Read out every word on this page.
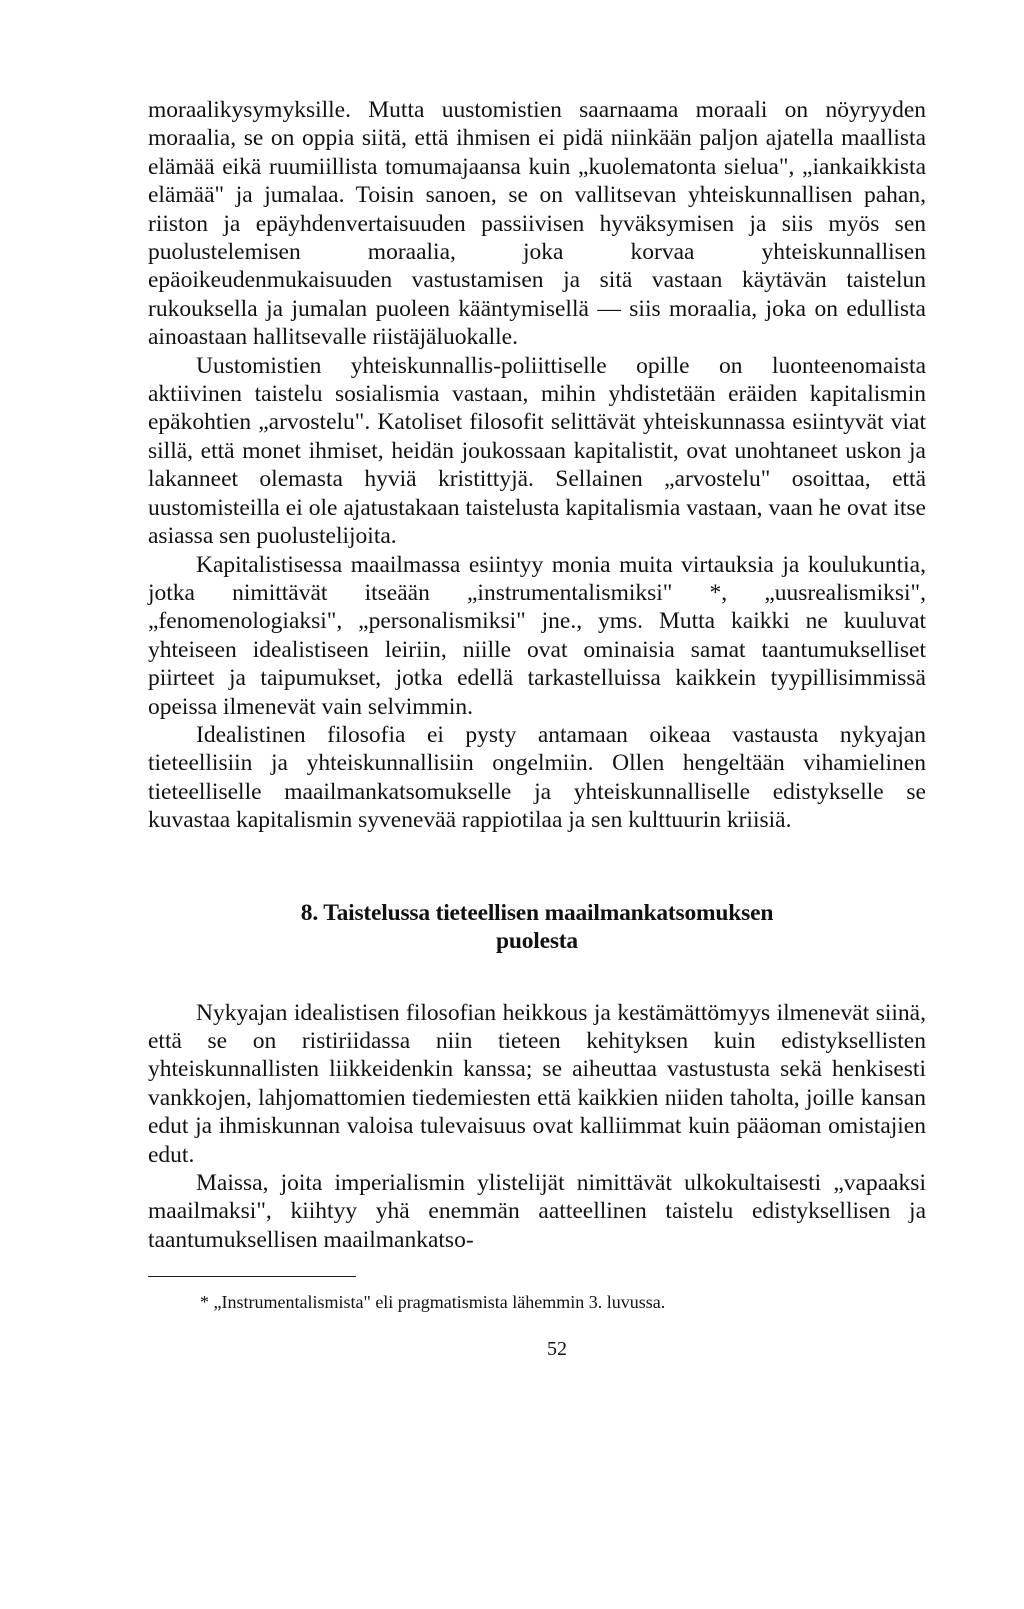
moraalikysymyksille. Mutta uustomistien saarnaama moraali on nöyryyden moraalia, se on oppia siitä, että ihmisen ei pidä niinkään paljon ajatella maallista elämää eikä ruumiillista tomumajaansa kuin „kuolematonta sielua", „iankaikkista elämää" ja jumalaa. Toisin sanoen, se on vallitsevan yhteiskunnallisen pahan, riiston ja epäyhdenvertaisuuden passiivisen hyväksymisen ja siis myös sen puolustelemisen moraalia, joka korvaa yhteiskunnallisen epäoikeudenmukaisuuden vastustamisen ja sitä vastaan käytävän taistelun rukouksella ja jumalan puoleen kääntymisellä — siis moraalia, joka on edullista ainoastaan hallitsevalle riistäjäluokalle.

Uustomistien yhteiskunnallis-poliittiselle opille on luonteenomaista aktiivinen taistelu sosialismia vastaan, mihin yhdistetään eräiden kapitalismin epäkohtien „arvostelu". Katoliset filosofit selittävät yhteiskunnassa esiintyvät viat sillä, että monet ihmiset, heidän joukossaan kapitalistit, ovat unohtaneet uskon ja lakanneet olemasta hyviä kristittyjä. Sellainen „arvostelu" osoittaa, että uustomisteilla ei ole ajatustakaan taistelusta kapitalismia vastaan, vaan he ovat itse asiassa sen puolustelijoita.

Kapitalistisessa maailmassa esiintyy monia muita virtauksia ja koulukuntia, jotka nimittävät itseään „instrumentalismiksi" *, „uusrealismiksi", „fenomenologiaksi", „personalismiksi" jne., yms. Mutta kaikki ne kuuluvat yhteiseen idealistiseen leiriin, niille ovat ominaisia samat taantumukselliset piirteet ja taipumukset, jotka edellä tarkastelluissa kaikkein tyypillisimmissä opeissa ilmenevät vain selvimmin.

Idealistinen filosofia ei pysty antamaan oikeaa vastausta nykyajan tieteellisiin ja yhteiskunnallisiin ongelmiin. Ollen hengeltään vihamielinen tieteelliselle maailmankatsomukselle ja yhteiskunnalliselle edistykselle se kuvastaa kapitalismin syvenevää rappiotilaa ja sen kulttuurin kriisiä.

8. Taistelussa tieteellisen maailmankatsomuksen
puolesta

Nykyajan idealistisen filosofian heikkous ja kestämättömyys ilmenevät siinä, että se on ristiriidassa niin tieteen kehityksen kuin edistyksellisten yhteiskunnallisten liikkeidenkin kanssa; se aiheuttaa vastustusta sekä henkisesti vankkojen, lahjomattomien tiedemiesten että kaikkien niiden taholta, joille kansan edut ja ihmiskunnan valoisa tulevaisuus ovat kalliimmat kuin pääoman omistajien edut.

Maissa, joita imperialismin ylistelijät nimittävät ulkokultaisesti „vapaaksi maailmaksi", kiihtyy yhä enemmän aatteellinen taistelu edistyksellisen ja taantumuksellisen maailmankatso-

* „Instrumentalismista" eli pragmatismista lähemmin 3. luvussa.

52
